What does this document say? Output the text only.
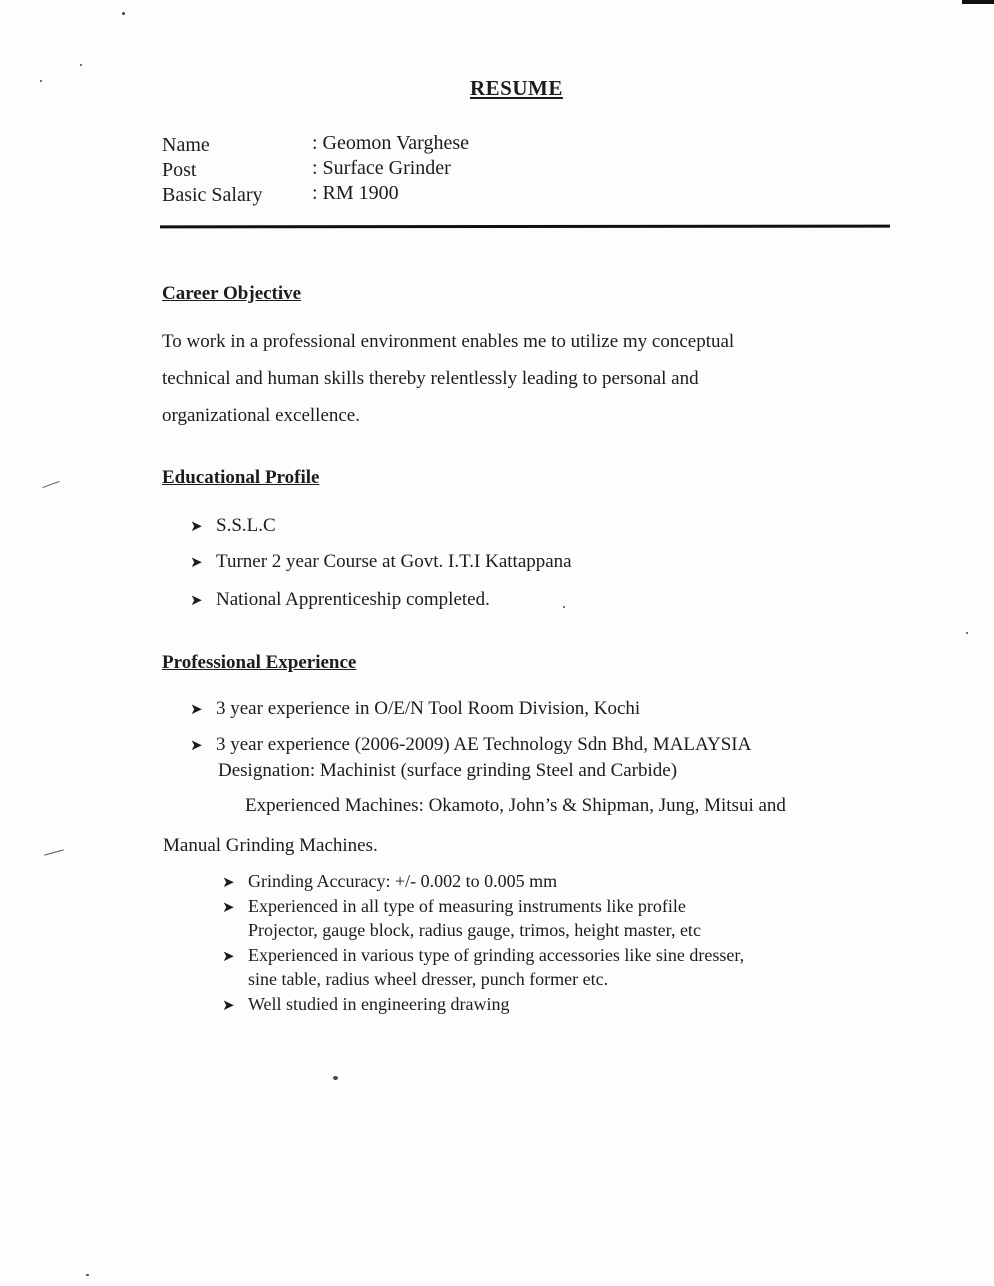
RESUME
Name	: Geomon Varghese
Post	: Surface Grinder
Basic Salary : RM 1900
Career Objective
To work in a professional environment enables me to utilize my conceptual
technical and human skills thereby relentlessly leading to personal and
organizational excellence.
Educational Profile
➤ S.S.L.C
➤ Turner 2 year Course at Govt. I.T.I Kattappana
➤ National Apprenticeship completed.
Professional Experience
➤ 3 year experience in O/E/N Tool Room Division, Kochi
➤ 3 year experience (2006-2009) AE Technology Sdn Bhd, MALAYSIA
Designation: Machinist (surface grinding Steel and Carbide)
Experienced Machines: Okamoto, John’s & Shipman, Jung, Mitsui and
Manual Grinding Machines.
➤ Grinding Accuracy: +/- 0.002 to 0.005 mm
➤ Experienced in all type of measuring instruments like profile
Projector, gauge block, radius gauge, trimos, height master, etc
➤ Experienced in various type of grinding accessories like sine dresser,
sine table, radius wheel dresser, punch former etc.
➤ Well studied in engineering drawing
